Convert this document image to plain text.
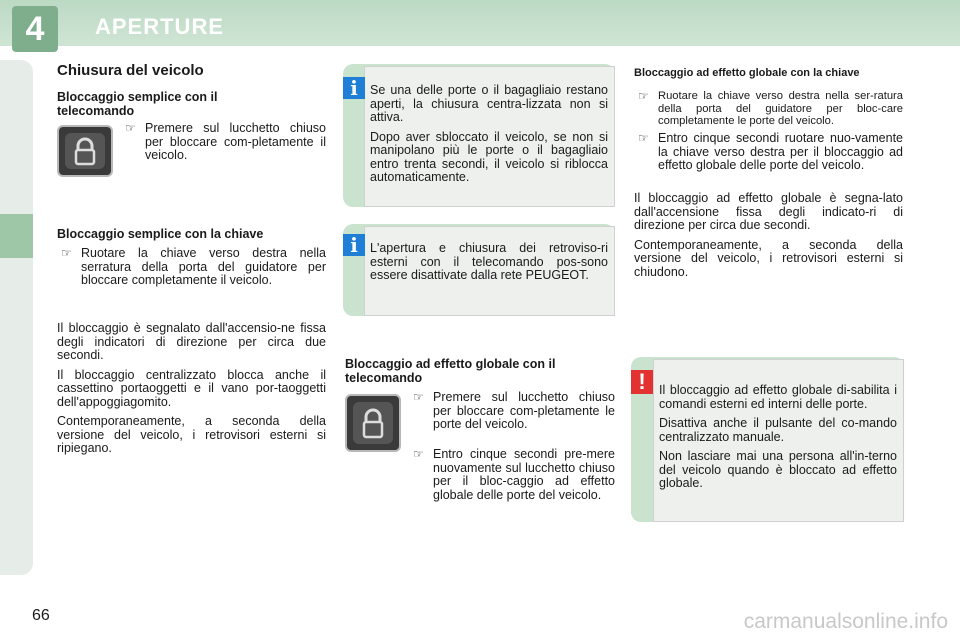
4	APERTURE
Chiusura del veicolo
Bloccaggio semplice con il telecomando
☞ Premere sul lucchetto chiuso per bloccare com-pletamente il veicolo.
Bloccaggio semplice con la chiave
☞ Ruotare la chiave verso destra nella serratura della porta del guidatore per bloccare completamente il veicolo.

Il bloccaggio è segnalato dall'accensio-ne fissa degli indicatori di direzione per circa due secondi.

Il bloccaggio centralizzato blocca anche il cassettino portaoggetti e il vano por-taoggetti dell'appoggiagomito.

Contemporaneamente, a seconda della versione del veicolo, i retrovisori esterni si ripiegano.

i Se una delle porte o il bagagliaio restano aperti, la chiusura centra-lizzata non si attiva.

Dopo aver sbloccato il veicolo, se non si manipolano più le porte o il bagagliaio entro trenta secondi, il veicolo si riblocca automaticamente.

i L'apertura e chiusura dei retroviso-ri esterni con il telecomando pos-sono essere disattivate dalla rete PEUGEOT.

Bloccaggio ad effetto globale con il telecomando
☞ Premere sul lucchetto chiuso per bloccare com-pletamente le porte del veicolo.
☞ Entro cinque secondi pre-mere nuovamente sul lucchetto chiuso per il bloc-caggio ad effetto globale delle porte del veicolo.
Bloccaggio ad effetto globale con la chiave
☞ Ruotare la chiave verso destra nella ser-ratura della porta del guidatore per bloc-care completamente le porte del veicolo.
☞ Entro cinque secondi ruotare nuo-vamente la chiave verso destra per il bloccaggio ad effetto globale delle porte del veicolo.

Il bloccaggio ad effetto globale è segna-lato dall'accensione fissa degli indicato-ri di direzione per circa due secondi.

Contemporaneamente, a seconda della versione del veicolo, i retrovisori esterni si chiudono.

!	Il bloccaggio ad effetto globale di-sabilita i comandi esterni ed interni delle porte.

Disattiva anche il pulsante del co-mando centralizzato manuale.

Non lasciare mai una persona all'in-terno del veicolo quando è bloccato ad effetto globale.

66	carmanualsonline.info
